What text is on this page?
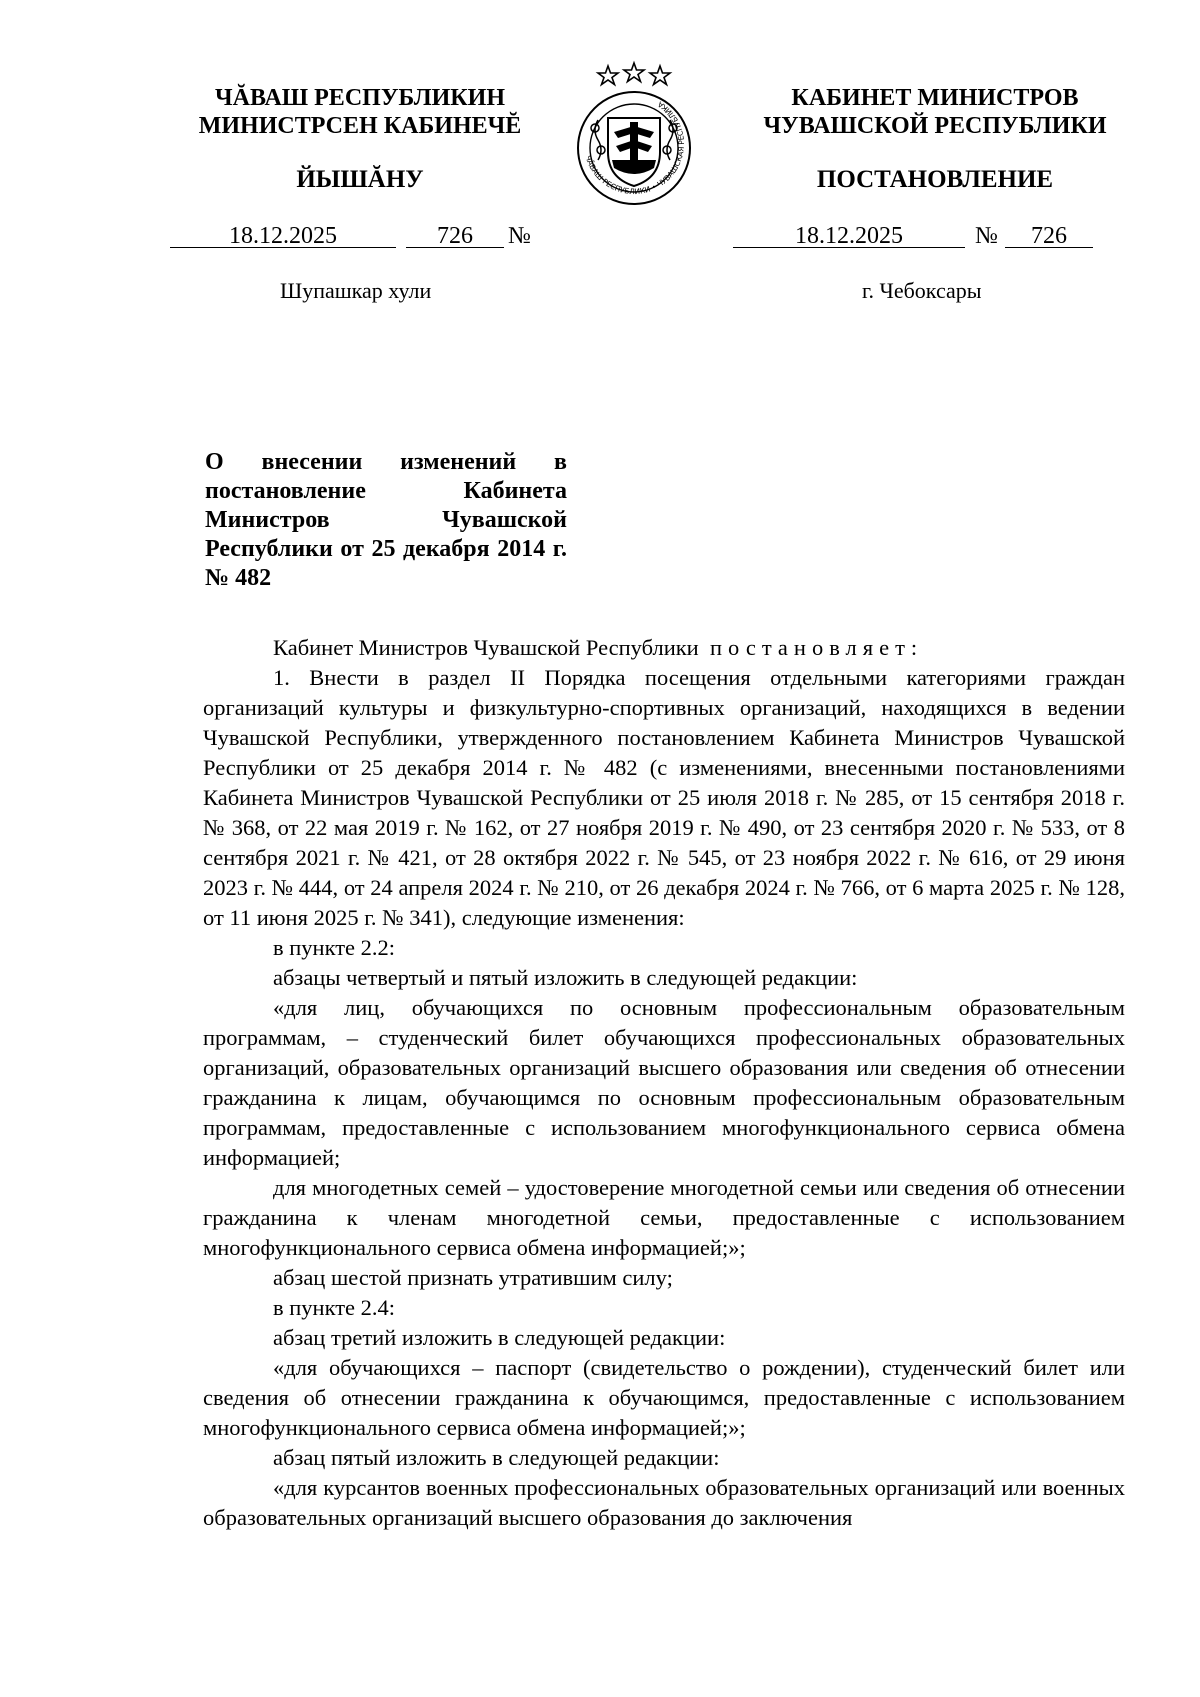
ЧĂВАШ РЕСПУБЛИКИН
МИНИСТРСЕН КАБИНЕЧĔ
ЙЫШĂНУ
ЧĂВАШ РЕСПУБЛИКИ • ЧУВАШСКАЯ РЕСПУБЛИКА	КАБИНЕТ МИНИСТРОВ
ЧУВАШСКОЙ РЕСПУБЛИКИ
ПОСТАНОВЛЕНИЕ
18.12.2025	726	№	18.12.2025	№	726
Шупашкар хули	г. Чебоксары
О внесении изменений в постановление Кабинета Министров Чувашской Республики от 25 декабря 2014 г. № 482

Кабинет Министров Чувашской Республики постановляет:

1. Внести в раздел II Порядка посещения отдельными категориями граждан организаций культуры и физкультурно-спортивных организаций, находящихся в ведении Чувашской Республики, утвержденного постановлением Кабинета Министров Чувашской Республики от 25 декабря 2014 г. № 482 (с изменениями, внесенными постановлениями Кабинета Министров Чувашской Республики от 25 июля 2018 г. № 285, от 15 сентября 2018 г. № 368, от 22 мая 2019 г. № 162, от 27 ноября 2019 г. № 490, от 23 сентября 2020 г. № 533, от 8 сентября 2021 г. № 421, от 28 октября 2022 г. № 545, от 23 ноября 2022 г. № 616, от 29 июня 2023 г. № 444, от 24 апреля 2024 г. № 210, от 26 декабря 2024 г. № 766, от 6 марта 2025 г. № 128, от 11 июня 2025 г. № 341), следующие изменения:

в пункте 2.2:

абзацы четвертый и пятый изложить в следующей редакции:

«для лиц, обучающихся по основным профессиональным образовательным программам, – студенческий билет обучающихся профессиональных образовательных организаций, образовательных организаций высшего образования или сведения об отнесении гражданина к лицам, обучающимся по основным профессиональным образовательным программам, предоставленные с использованием многофункционального сервиса обмена информацией;

для многодетных семей – удостоверение многодетной семьи или сведения об отнесении гражданина к членам многодетной семьи, предоставленные с использованием многофункционального сервиса обмена информацией;»;

абзац шестой признать утратившим силу;

в пункте 2.4:

абзац третий изложить в следующей редакции:

«для обучающихся – паспорт (свидетельство о рождении), студенческий билет или сведения об отнесении гражданина к обучающимся, предоставленные с использованием многофункционального сервиса обмена информацией;»;

абзац пятый изложить в следующей редакции:

«для курсантов военных профессиональных образовательных организаций или военных образовательных организаций высшего образования до заключения
